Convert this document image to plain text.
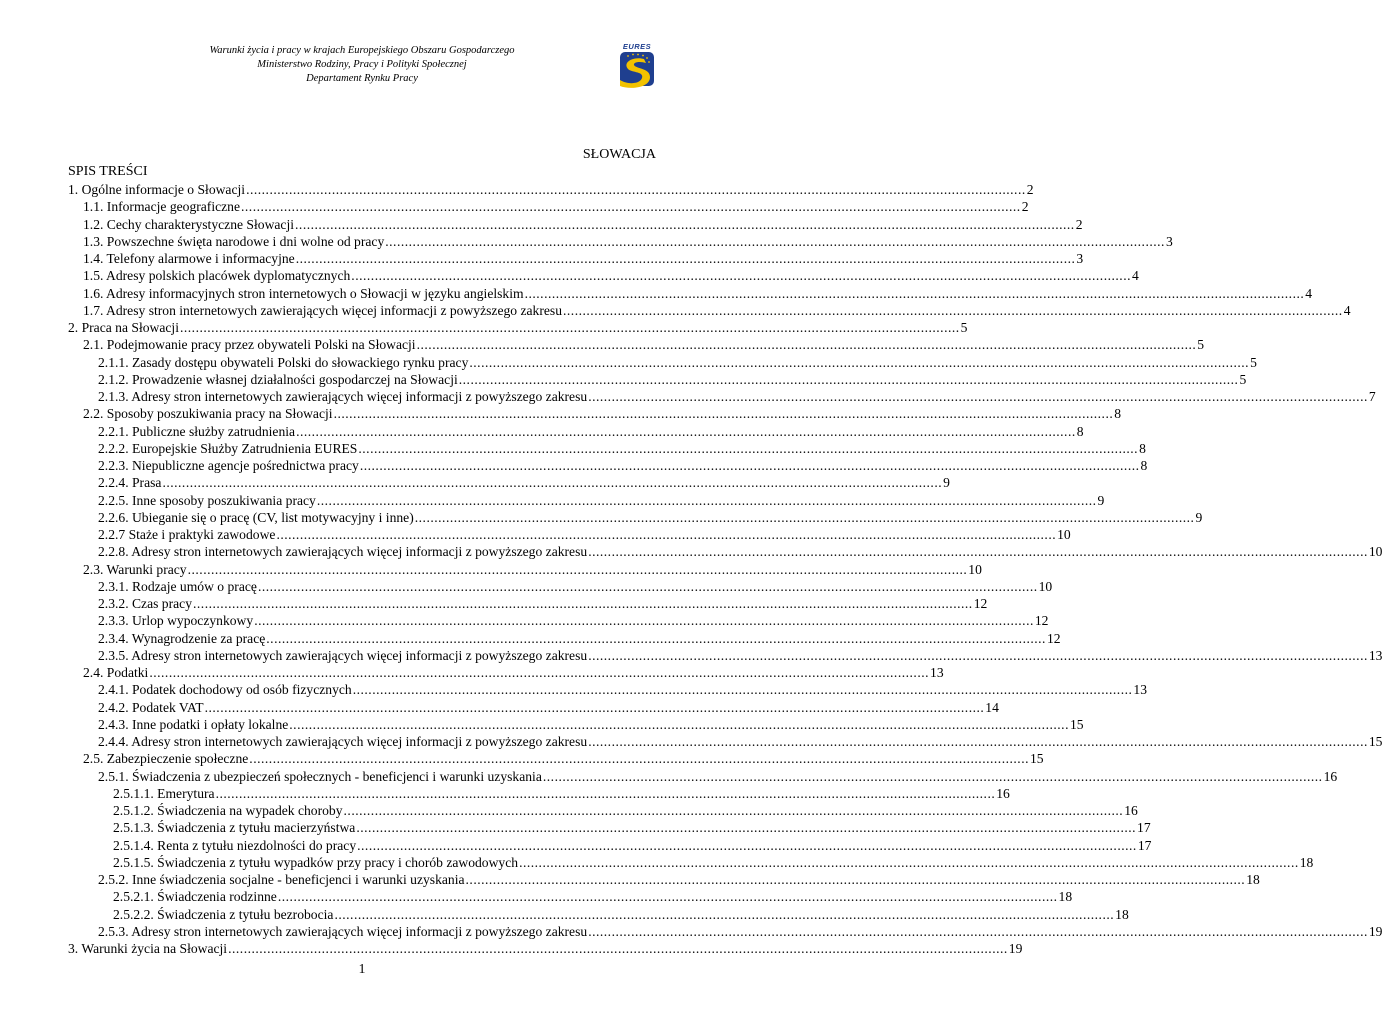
Warunki życia i pracy w krajach Europejskiego Obszaru Gospodarczego
Ministerstwo Rodziny, Pracy i Polityki Społecznej
Departament Rynku Pracy
EURES
SŁOWACJA
SPIS TREŚCI
1. Ogólne informacje o Słowacji ........................................................................................................................................................................................................ 2
1.1. Informacje geograficzne ........................................................................................................................................................................................................ 2
1.2. Cechy charakterystyczne Słowacji ........................................................................................................................................................................................................ 2
1.3. Powszechne święta narodowe i dni wolne od pracy ........................................................................................................................................................................................................ 3
1.4. Telefony alarmowe i informacyjne ........................................................................................................................................................................................................ 3
1.5. Adresy polskich placówek dyplomatycznych ........................................................................................................................................................................................................ 4
1.6. Adresy informacyjnych stron internetowych o Słowacji w języku angielskim ........................................................................................................................................................................................................ 4
1.7. Adresy stron internetowych zawierających więcej informacji z powyższego zakresu ........................................................................................................................................................................................................ 4
2. Praca na Słowacji ........................................................................................................................................................................................................ 5
2.1. Podejmowanie pracy przez obywateli Polski na Słowacji ........................................................................................................................................................................................................ 5
2.1.1. Zasady dostępu obywateli Polski do słowackiego rynku pracy ........................................................................................................................................................................................................ 5
2.1.2. Prowadzenie własnej działalności gospodarczej na Słowacji ........................................................................................................................................................................................................ 5
2.1.3. Adresy stron internetowych zawierających więcej informacji z powyższego zakresu ........................................................................................................................................................................................................ 7
2.2. Sposoby poszukiwania pracy na Słowacji ........................................................................................................................................................................................................ 8
2.2.1. Publiczne służby zatrudnienia ........................................................................................................................................................................................................ 8
2.2.2. Europejskie Służby Zatrudnienia EURES ........................................................................................................................................................................................................ 8
2.2.3. Niepubliczne agencje pośrednictwa pracy ........................................................................................................................................................................................................ 8
2.2.4. Prasa ........................................................................................................................................................................................................ 9
2.2.5. Inne sposoby poszukiwania pracy ........................................................................................................................................................................................................ 9
2.2.6. Ubieganie się o pracę (CV, list motywacyjny i inne) ........................................................................................................................................................................................................ 9
2.2.7 Staże i praktyki zawodowe ........................................................................................................................................................................................................ 10
2.2.8. Adresy stron internetowych zawierających więcej informacji z powyższego zakresu ........................................................................................................................................................................................................ 10
2.3. Warunki pracy ........................................................................................................................................................................................................ 10
2.3.1. Rodzaje umów o pracę ........................................................................................................................................................................................................ 10
2.3.2. Czas pracy ........................................................................................................................................................................................................ 12
2.3.3. Urlop wypoczynkowy ........................................................................................................................................................................................................ 12
2.3.4. Wynagrodzenie za pracę ........................................................................................................................................................................................................ 12
2.3.5. Adresy stron internetowych zawierających więcej informacji z powyższego zakresu ........................................................................................................................................................................................................ 13
2.4. Podatki ........................................................................................................................................................................................................ 13
2.4.1. Podatek dochodowy od osób fizycznych ........................................................................................................................................................................................................ 13
2.4.2. Podatek VAT ........................................................................................................................................................................................................ 14
2.4.3. Inne podatki i opłaty lokalne ........................................................................................................................................................................................................ 15
2.4.4. Adresy stron internetowych zawierających więcej informacji z powyższego zakresu ........................................................................................................................................................................................................ 15
2.5. Zabezpieczenie społeczne ........................................................................................................................................................................................................ 15
2.5.1. Świadczenia z ubezpieczeń społecznych - beneficjenci i warunki uzyskania ........................................................................................................................................................................................................ 16
2.5.1.1. Emerytura ........................................................................................................................................................................................................ 16
2.5.1.2. Świadczenia na wypadek choroby ........................................................................................................................................................................................................ 16
2.5.1.3. Świadczenia z tytułu macierzyństwa ........................................................................................................................................................................................................ 17
2.5.1.4. Renta z tytułu niezdolności do pracy ........................................................................................................................................................................................................ 17
2.5.1.5. Świadczenia z tytułu wypadków przy pracy i chorób zawodowych ........................................................................................................................................................................................................ 18
2.5.2. Inne świadczenia socjalne - beneficjenci i warunki uzyskania ........................................................................................................................................................................................................ 18
2.5.2.1. Świadczenia rodzinne ........................................................................................................................................................................................................ 18
2.5.2.2. Świadczenia z tytułu bezrobocia ........................................................................................................................................................................................................ 18
2.5.3. Adresy stron internetowych zawierających więcej informacji z powyższego zakresu ........................................................................................................................................................................................................ 19
3. Warunki życia na Słowacji ........................................................................................................................................................................................................ 19
1
